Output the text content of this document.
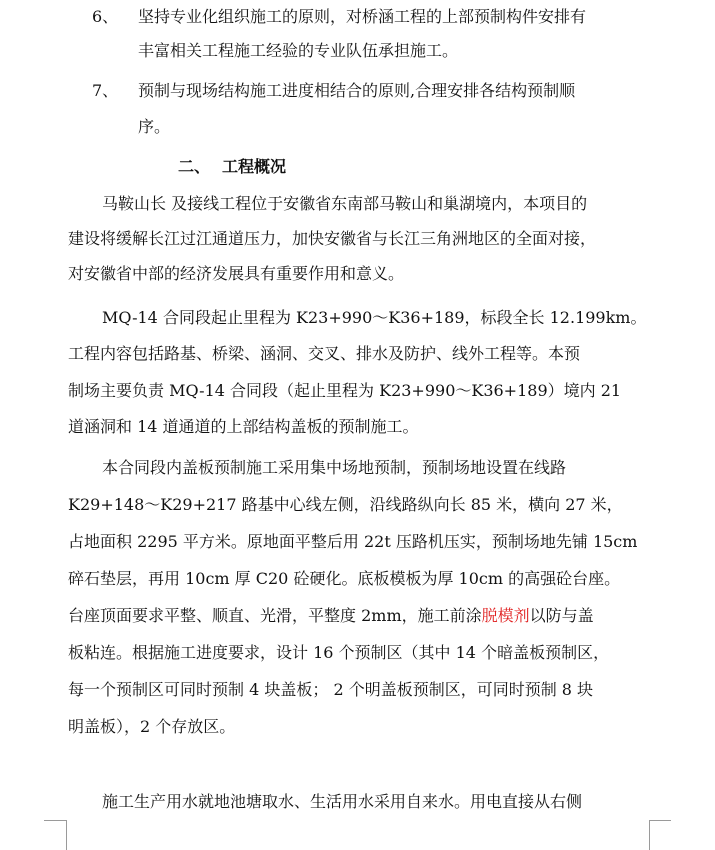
6、 坚持专业化组织施工的原则，对桥涵工程的上部预制构件安排有
丰富相关工程施工经验的专业队伍承担施工。
7、 预制与现场结构施工进度相结合的原则,合理安排各结构预制顺
序。
二、 工程概况
马鞍山长 及接线工程位于安徽省东南部马鞍山和巢湖境内，本项目的
建设将缓解长江过江通道压力，加快安徽省与长江三角洲地区的全面对接，
对安徽省中部的经济发展具有重要作用和意义。
MQ-14 合同段起止里程为 K23+990～K36+189，标段全长 12.199km。
工程内容包括路基、桥梁、涵洞、交叉、排水及防护、线外工程等。本预
制场主要负责 MQ-14 合同段（起止里程为 K23+990～K36+189）境内 21
道涵洞和 14 道通道的上部结构盖板的预制施工。
本合同段内盖板预制施工采用集中场地预制，预制场地设置在线路
K29+148～K29+217 路基中心线左侧，沿线路纵向长 85 米，横向 27 米，
占地面积 2295 平方米。原地面平整后用 22t 压路机压实，预制场地先铺 15cm
碎石垫层，再用 10cm 厚 C20 砼硬化。底板模板为厚 10cm 的高强砼台座。
台座顶面要求平整、顺直、光滑，平整度 2mm，施工前涂脱模剂以防与盖
板粘连。根据施工进度要求，设计 16 个预制区（其中 14 个暗盖板预制区，
每一个预制区可同时预制 4 块盖板； 2 个明盖板预制区，可同时预制 8 块
明盖板），2 个存放区。
施工生产用水就地池塘取水、生活用水采用自来水。用电直接从右侧
